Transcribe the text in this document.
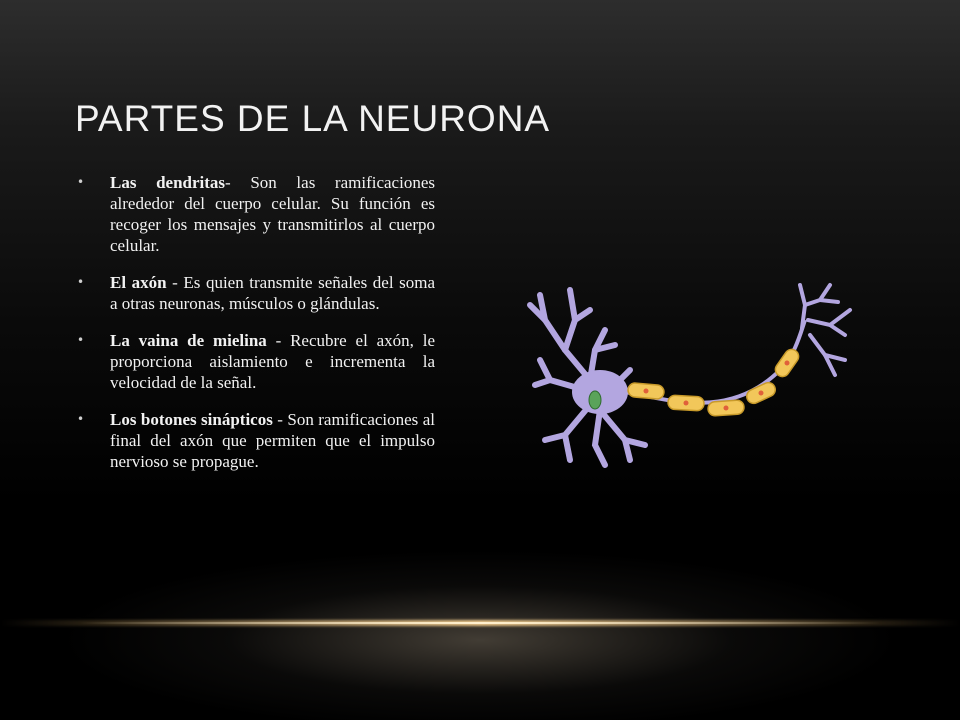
PARTES DE LA NEURONA
• Las dendritas- Son las ramificaciones alrededor del cuerpo celular. Su función es recoger los mensajes y transmitirlos al cuerpo celular.
• El axón - Es quien transmite señales del soma a otras neuronas, músculos o glándulas.
• La vaina de mielina - Recubre el axón, le proporciona aislamiento e incrementa la velocidad de la señal.
• Los botones sinápticos - Son ramificaciones al final del axón que permiten que el impulso nervioso se propague.
